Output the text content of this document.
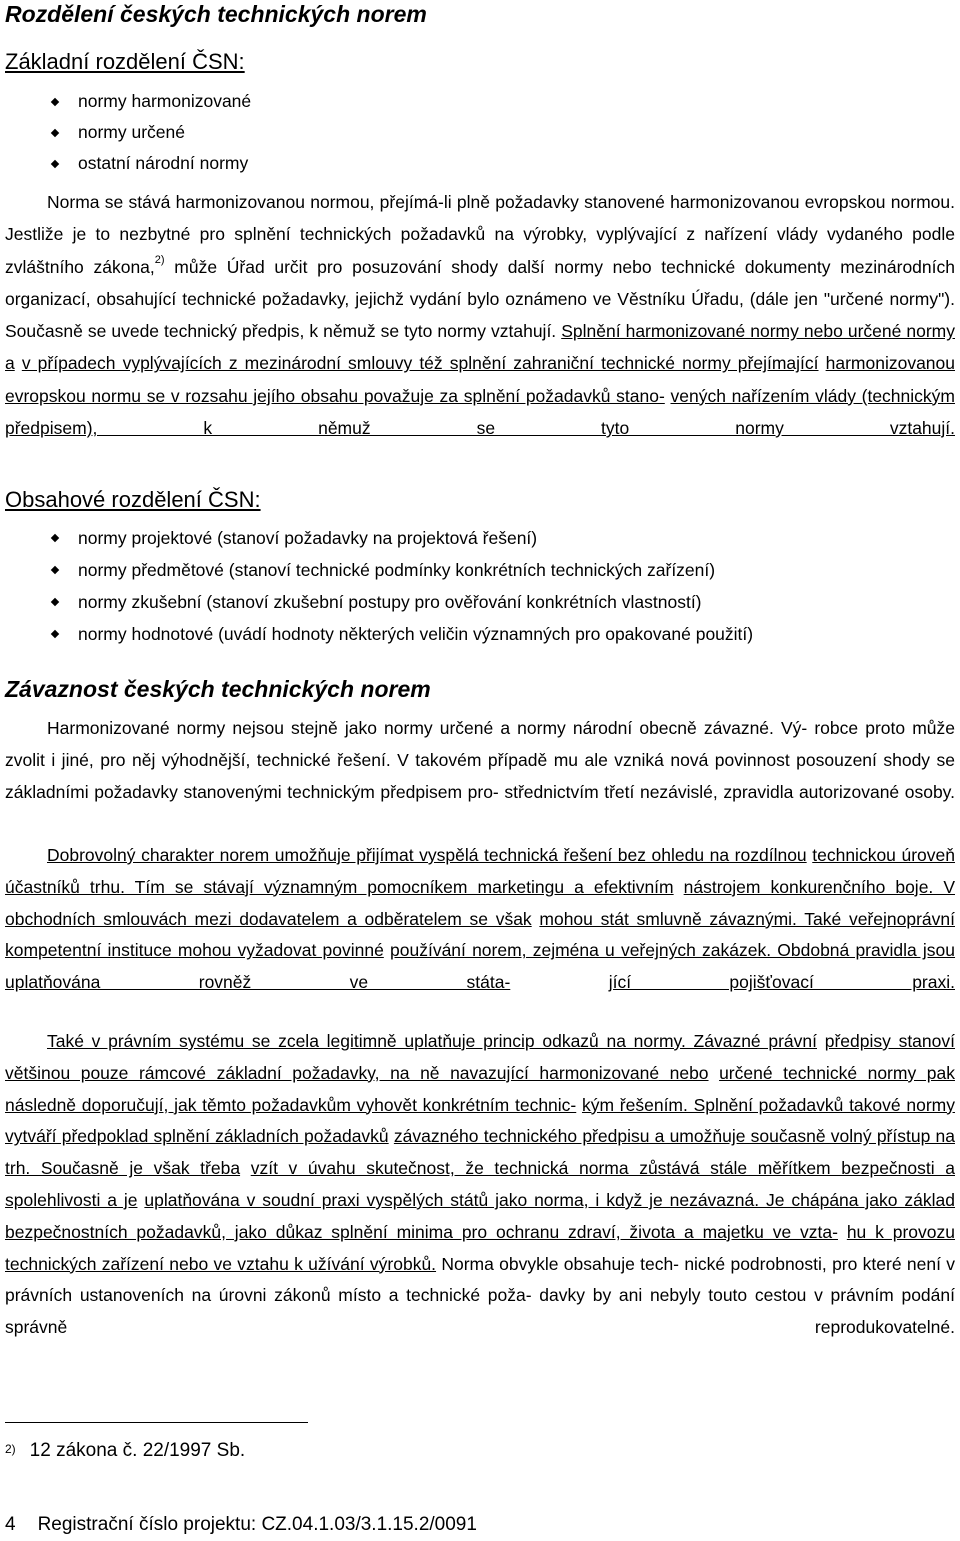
Rozdělení českých technických norem
Základní rozdělení ČSN:
normy harmonizované
normy určené
ostatní národní normy

Norma se stává harmonizovanou normou, přejímá-li plně požadavky stanovené harmonizovanou evropskou normou. Jestliže je to nezbytné pro splnění technických požadavků na výrobky, vyplývající z nařízení vlády vydaného podle zvláštního zákona,$^{2)}$ může Úřad určit pro posuzování shody další normy nebo technické dokumenty mezinárodních organizací, obsahující technické požadavky, jejichž vydání bylo oznámeno ve Věstníku Úřadu, (dále jen "určené normy"). Současně se uvede technický předpis, k němuž se tyto normy vztahují. Splnění harmonizované normy nebo určené normy a v případech vyplývajících z mezinárodní smlouvy též splnění zahraniční technické normy přejímající harmonizovanou evropskou normu se v rozsahu jejího obsahu považuje za splnění požadavků stano- vených nařízením vlády (technickým předpisem), k němuž se tyto normy vztahují.

Obsahové rozdělení ČSN:
normy projektové (stanoví požadavky na projektová řešení)
normy předmětové (stanoví technické podmínky konkrétních technických zařízení)
normy zkušební (stanoví zkušební postupy pro ověřování konkrétních vlastností)
normy hodnotové (uvádí hodnoty některých veličin významných pro opakované použití)
Závaznost českých technických norem

Harmonizované normy nejsou stejně jako normy určené a normy národní obecně závazné. Vý- robce proto může zvolit i jiné, pro něj výhodnější, technické řešení. V takovém případě mu ale vzniká nová povinnost posouzení shody se základními požadavky stanovenými technickým předpisem pro- střednictvím třetí nezávislé, zpravidla autorizované osoby.

Dobrovolný charakter norem umožňuje přijímat vyspělá technická řešení bez ohledu na rozdílnou technickou úroveň účastníků trhu. Tím se stávají významným pomocníkem marketingu a efektivním nástrojem konkurenčního boje. V obchodních smlouvách mezi dodavatelem a odběratelem se však mohou stát smluvně závaznými. Také veřejnoprávní kompetentní instituce mohou vyžadovat povinné používání norem, zejména u veřejných zakázek. Obdobná pravidla jsou uplatňována rovněž ve státa-	jící pojišťovací praxi.

Také v právním systému se zcela legitimně uplatňuje princip odkazů na normy. Závazné právní předpisy stanoví většinou pouze rámcové základní požadavky, na ně navazující harmonizované nebo určené technické normy pak následně doporučují, jak těmto požadavkům vyhovět konkrétním technic- kým řešením. Splnění požadavků takové normy vytváří předpoklad splnění základních požadavků závazného technického předpisu a umožňuje současně volný přístup na trh. Současně je však třeba vzít v úvahu skutečnost, že technická norma zůstává stále měřítkem bezpečnosti a spolehlivosti a je uplatňována v soudní praxi vyspělých států jako norma, i když je nezávazná. Je chápána jako základ bezpečnostních požadavků, jako důkaz splnění minima pro ochranu zdraví, života a majetku ve vzta- hu k provozu technických zařízení nebo ve vztahu k užívání výrobků. Norma obvykle obsahuje tech- nické podrobnosti, pro které není v právních ustanoveních na úrovni zákonů místo a technické poža- davky by ani nebyly touto cestou v právním podání správně reprodukovatelné.

$^{2)}$ 12 zákona č. 22/1997 Sb.
4 Registrační číslo projektu: CZ.04.1.03/3.1.15.2/0091
